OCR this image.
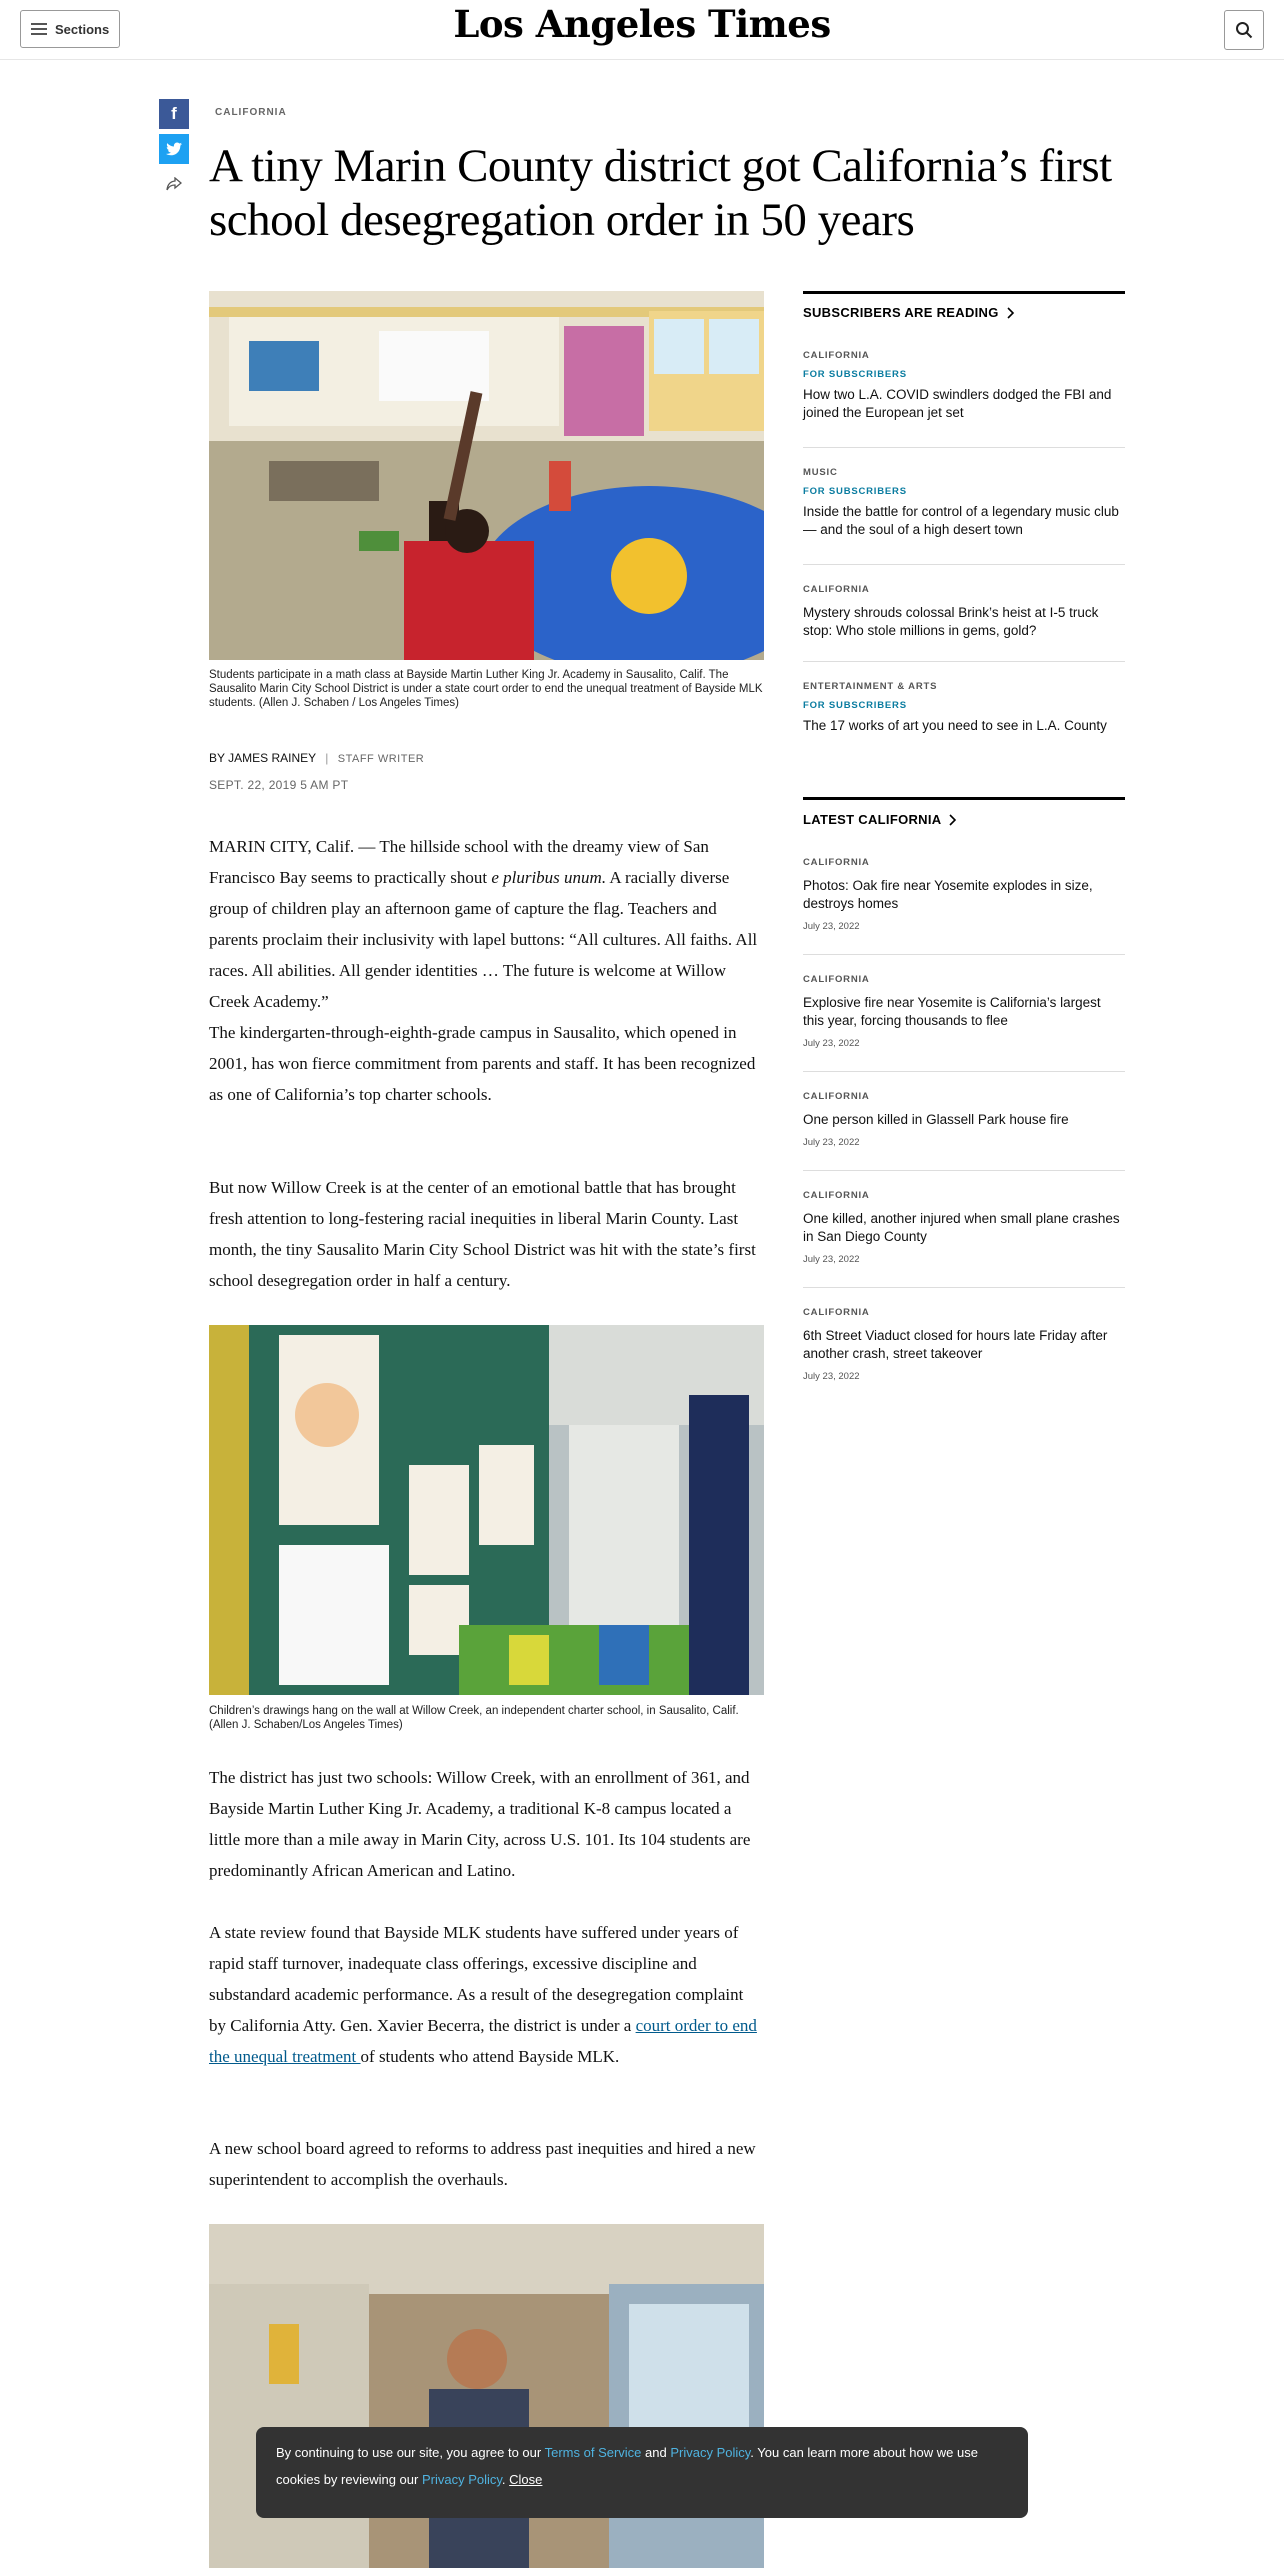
Sections	Los Angeles Times
f	CALIFORNIA
A tiny Marin County district got California’s first school desegregation order in 50 years
Students participate in a math class at Bayside Martin Luther King Jr. Academy in Sausalito, Calif. The Sausalito Marin City School District is under a state court order to end the unequal treatment of Bayside MLK students. (Allen J. Schaben / Los Angeles Times)
BY JAMES RAINEY | STAFF WRITER
SEPT. 22, 2019 5 AM PT

MARIN CITY, Calif. — The hillside school with the dreamy view of San Francisco Bay seems to practically shout e pluribus unum. A racially diverse group of children play an afternoon game of capture the flag. Teachers and parents proclaim their inclusivity with lapel buttons: “All cultures. All faiths. All races. All abilities. All gender identities … The future is welcome at Willow Creek Academy.”

The kindergarten-through-eighth-grade campus in Sausalito, which opened in 2001, has won fierce commitment from parents and staff. It has been recognized as one of California’s top charter schools.

But now Willow Creek is at the center of an emotional battle that has brought fresh attention to long-festering racial inequities in liberal Marin County. Last month, the tiny Sausalito Marin City School District was hit with the state’s first school desegregation order in half a century.

Children’s drawings hang on the wall at Willow Creek, an independent charter school, in Sausalito, Calif. (Allen J. Schaben/Los Angeles Times)

The district has just two schools: Willow Creek, with an enrollment of 361, and Bayside Martin Luther King Jr. Academy, a traditional K-8 campus located a little more than a mile away in Marin City, across U.S. 101. Its 104 students are predominantly African American and Latino.

A state review found that Bayside MLK students have suffered under years of rapid staff turnover, inadequate class offerings, excessive discipline and substandard academic performance. As a result of the desegregation complaint by California Atty. Gen. Xavier Becerra, the district is under a court order to end the unequal treatment of students who attend Bayside MLK.

A new school board agreed to reforms to address past inequities and hired a new superintendent to accomplish the overhauls.

SUBSCRIBERS ARE READING
CALIFORNIA
FOR SUBSCRIBERS
How two L.A. COVID swindlers dodged the FBI and joined the European jet set
MUSIC
FOR SUBSCRIBERS
Inside the battle for control of a legendary music club — and the soul of a high desert town
CALIFORNIA
Mystery shrouds colossal Brink’s heist at I-5 truck stop: Who stole millions in gems, gold?
ENTERTAINMENT & ARTS
FOR SUBSCRIBERS
The 17 works of art you need to see in L.A. County
LATEST CALIFORNIA
CALIFORNIA
Photos: Oak fire near Yosemite explodes in size, destroys homes
July 23, 2022
CALIFORNIA
Explosive fire near Yosemite is California’s largest this year, forcing thousands to flee
July 23, 2022
CALIFORNIA
One person killed in Glassell Park house fire
July 23, 2022
CALIFORNIA
One killed, another injured when small plane crashes in San Diego County
July 23, 2022
CALIFORNIA
6th Street Viaduct closed for hours late Friday after another crash, street takeover
July 23, 2022
By continuing to use our site, you agree to our Terms of Service and Privacy Policy. You can learn more about how we use cookies by reviewing our Privacy Policy. Close
